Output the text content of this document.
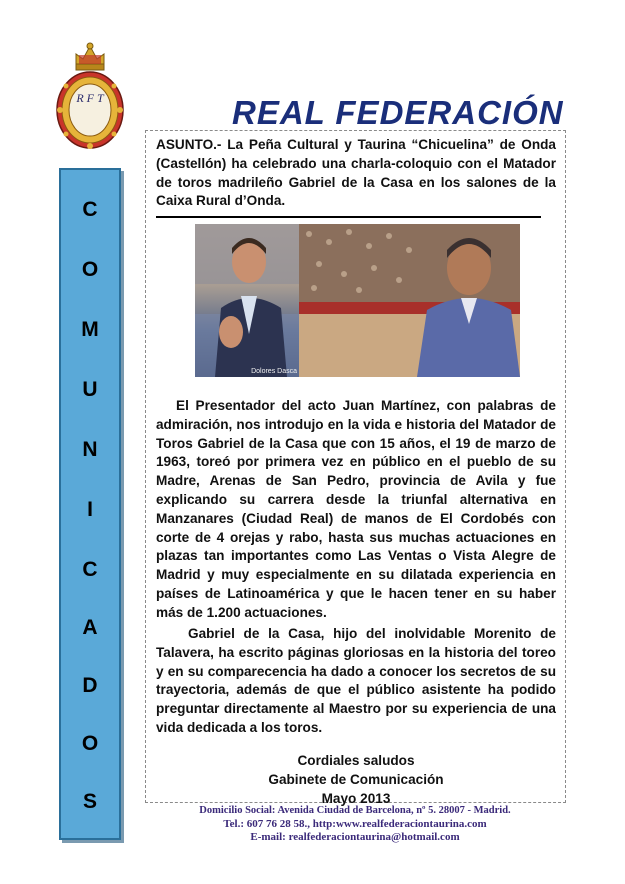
R F T	REAL FEDERACIÓN
C
O
M
U
N
I
C
A
D
O
S
ASUNTO.- La Peña Cultural y Taurina “Chicuelina” de Onda (Castellón) ha celebrado una charla-coloquio con el Matador de toros madrileño Gabriel de la Casa en los salones de la Caixa Rural d’Onda.
Dolores Dasca
El Presentador del acto Juan Martínez, con palabras de admiración, nos introdujo en la vida e historia del Matador de Toros Gabriel de la Casa que con 15 años, el 19 de marzo de 1963, toreó por primera vez en público en el pueblo de su Madre, Arenas de San Pedro, provincia de Avila y fue explicando su carrera desde la triunfal alternativa en Manzanares (Ciudad Real) de manos de El Cordobés con corte de 4 orejas y rabo, hasta sus muchas actuaciones en plazas tan importantes como Las Ventas o Vista Alegre de Madrid y muy especialmente en su dilatada experiencia en países de Latinoamérica y que le hacen tener en su haber más de 1.200 actuaciones.
Gabriel de la Casa, hijo del inolvidable Morenito de Talavera, ha escrito páginas gloriosas en la historia del toreo y en su comparecencia ha dado a conocer los secretos de su trayectoria, además de que el público asistente ha podido preguntar directamente al Maestro por su experiencia de una vida dedicada a los toros.
Cordiales saludos
Gabinete de Comunicación
Mayo 2013
Domicilio Social: Avenida Ciudad de Barcelona, nº 5. 28007 - Madrid.
Tel.: 607 76 28 58., http:www.realfederaciontaurina.com
E-mail: realfederaciontaurina@hotmail.com
